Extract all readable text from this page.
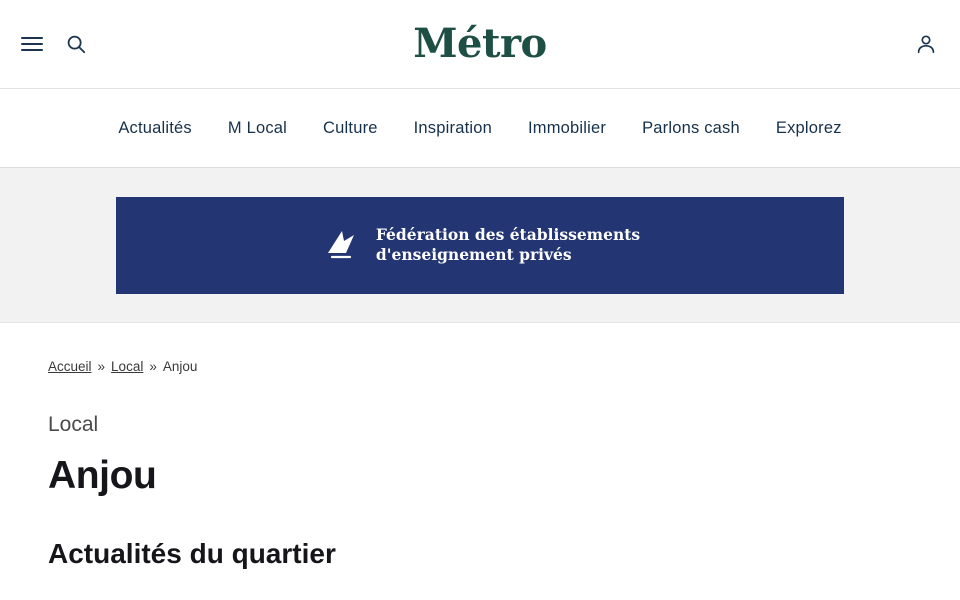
Métro
Actualités	M Local	Culture	Inspiration	Immobilier	Parlons cash	Explorez
Fédération des établissements
d'enseignement privés
Accueil » Local » Anjou
Local
Anjou
Actualités du quartier
